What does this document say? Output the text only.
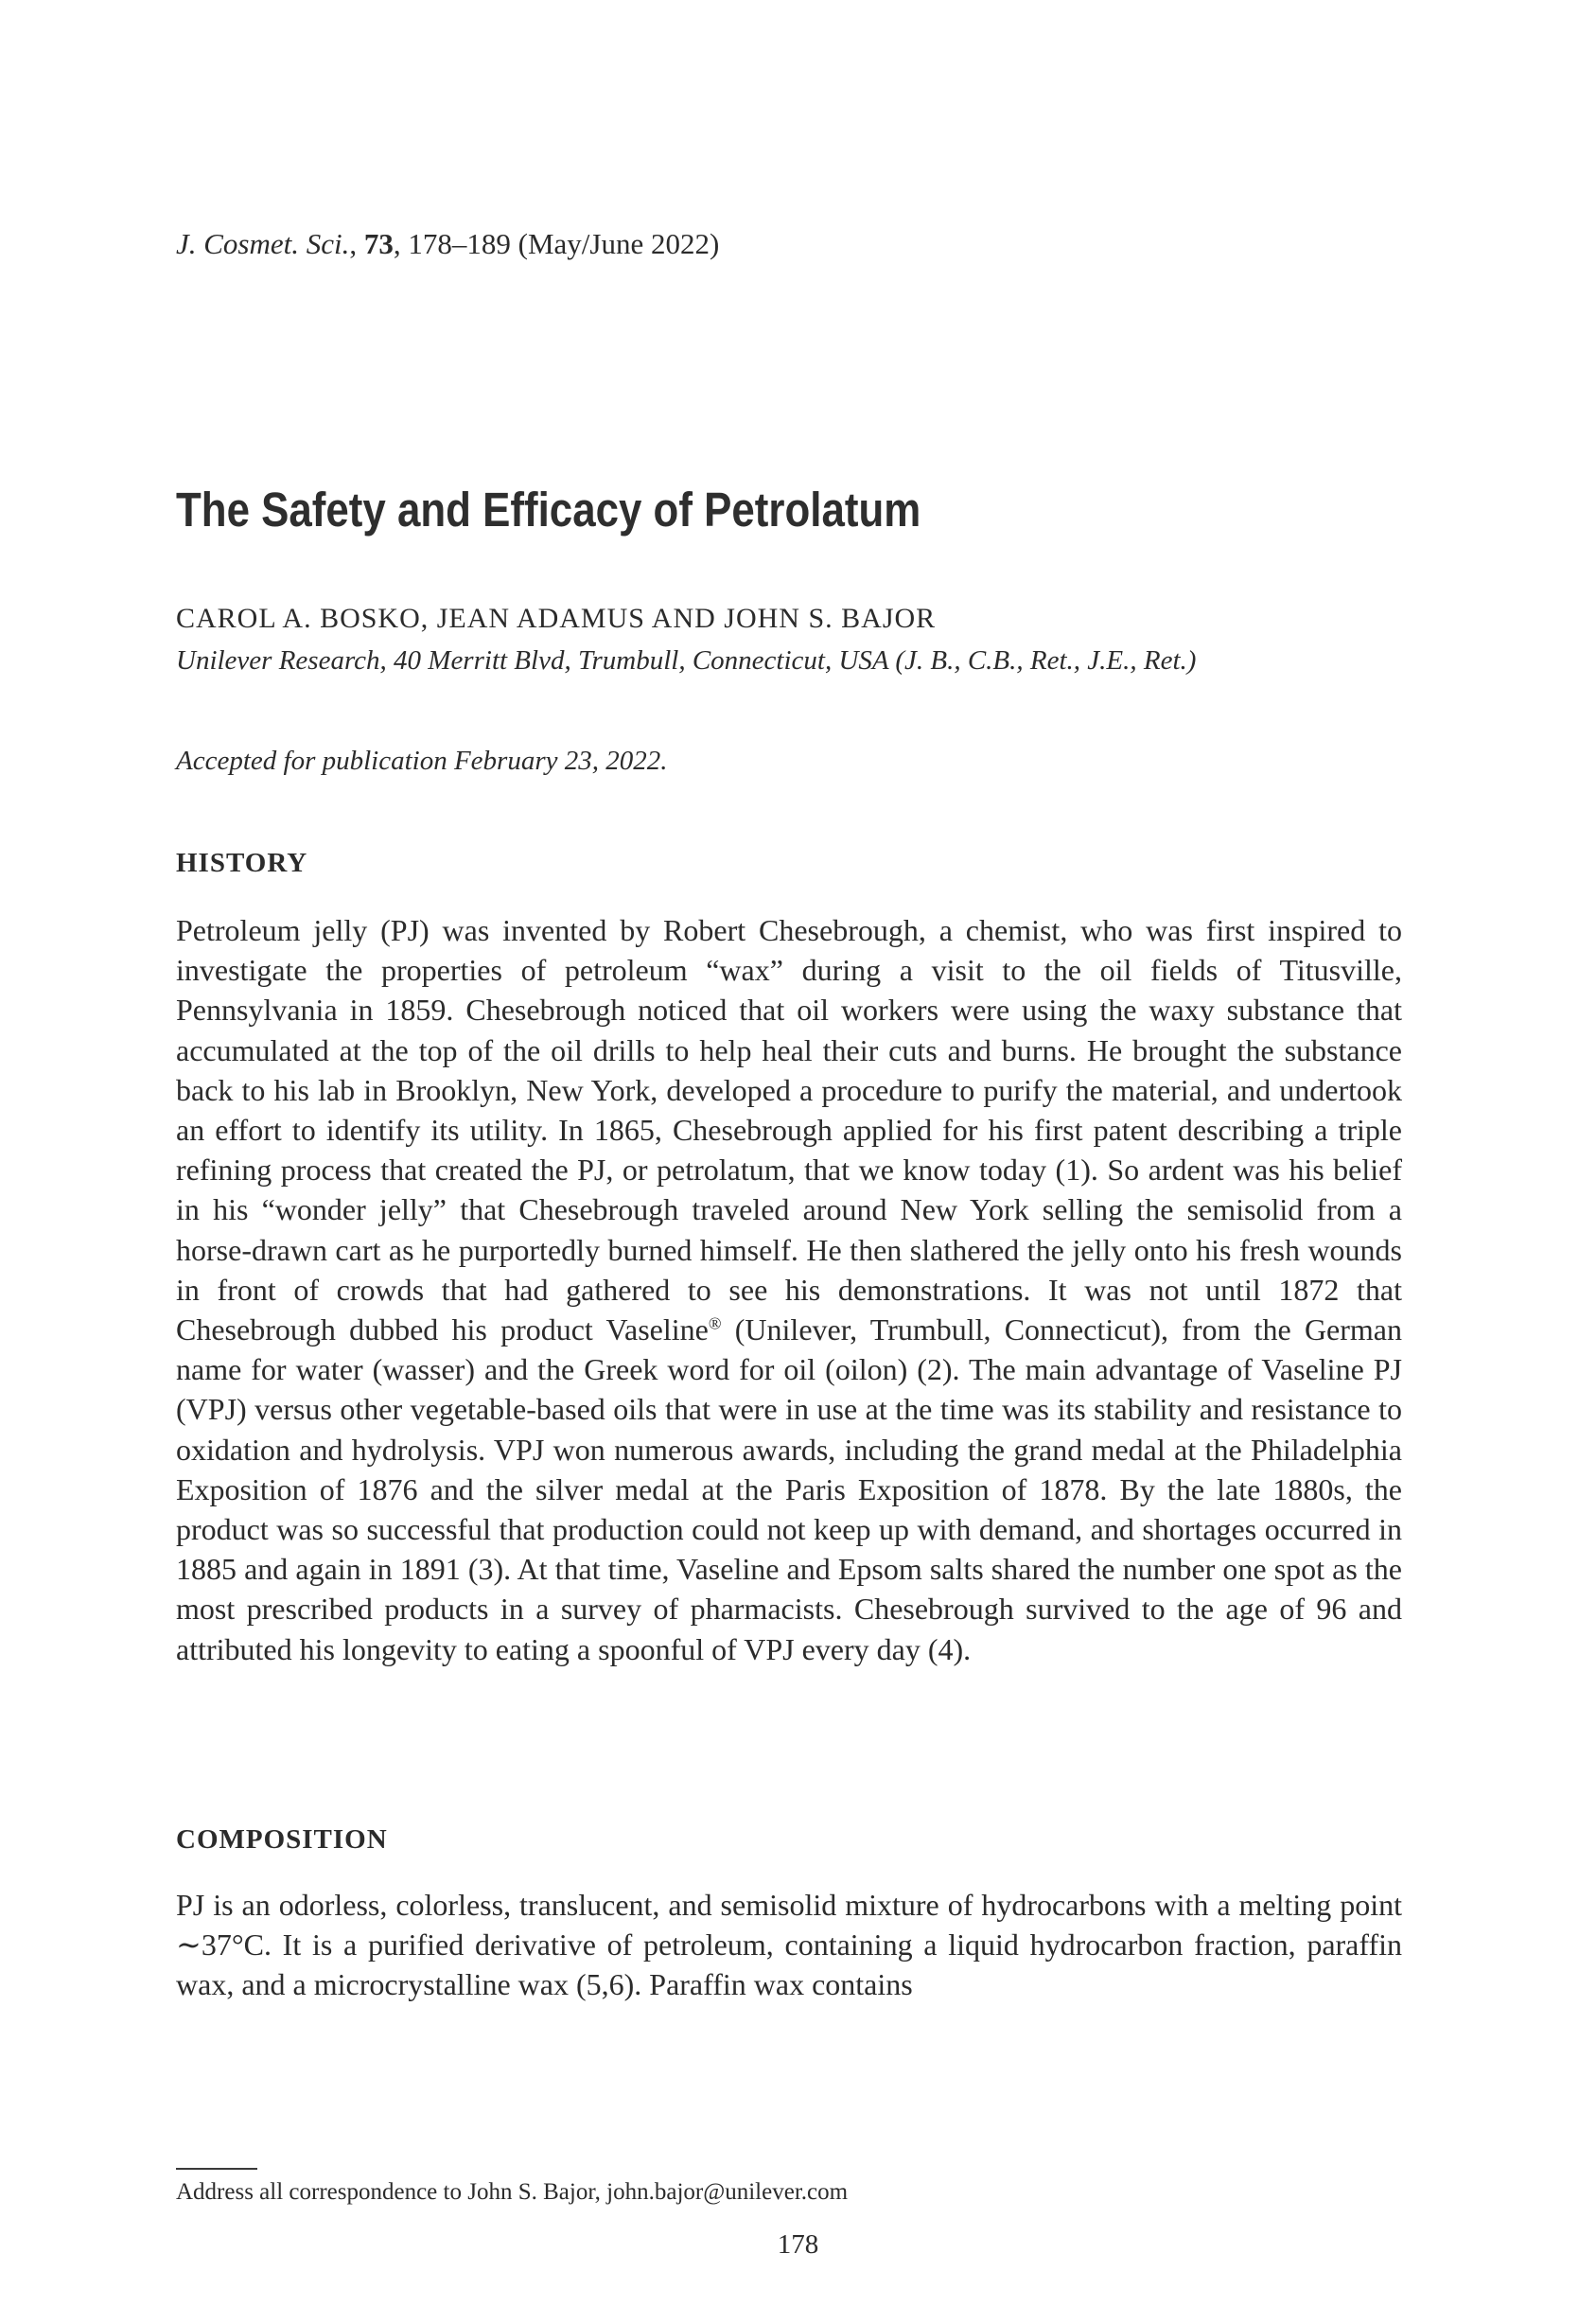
J. Cosmet. Sci., 73, 178–189 (May/June 2022)
The Safety and Efficacy of Petrolatum
CAROL A. BOSKO, JEAN ADAMUS AND JOHN S. BAJOR
Unilever Research, 40 Merritt Blvd, Trumbull, Connecticut, USA (J. B., C.B., Ret., J.E., Ret.)
Accepted for publication February 23, 2022.
HISTORY

Petroleum jelly (PJ) was invented by Robert Chesebrough, a chemist, who was first inspired to investigate the properties of petroleum “wax” during a visit to the oil fields of Titusville, Pennsylvania in 1859. Chesebrough noticed that oil workers were using the waxy substance that accumulated at the top of the oil drills to help heal their cuts and burns. He brought the substance back to his lab in Brooklyn, New York, developed a procedure to purify the material, and undertook an effort to identify its utility. In 1865, Chesebrough applied for his first patent describing a triple refining process that created the PJ, or petrolatum, that we know today (1). So ardent was his belief in his “wonder jelly” that Chesebrough traveled around New York selling the semisolid from a horse-drawn cart as he purportedly burned himself. He then slathered the jelly onto his fresh wounds in front of crowds that had gathered to see his demonstrations. It was not until 1872 that Chesebrough dubbed his product Vaseline® (Unilever, Trumbull, Connecticut), from the German name for water (wasser) and the Greek word for oil (oilon) (2). The main advantage of Vaseline PJ (VPJ) versus other vegetable-based oils that were in use at the time was its stability and resistance to oxidation and hydrolysis. VPJ won numerous awards, including the grand medal at the Philadelphia Exposition of 1876 and the silver medal at the Paris Exposition of 1878. By the late 1880s, the product was so successful that production could not keep up with demand, and shortages occurred in 1885 and again in 1891 (3). At that time, Vaseline and Epsom salts shared the number one spot as the most prescribed products in a survey of pharmacists. Chesebrough survived to the age of 96 and attributed his longevity to eating a spoonful of VPJ every day (4).

COMPOSITION

PJ is an odorless, colorless, translucent, and semisolid mixture of hydrocarbons with a melting point ∼37°C. It is a purified derivative of petroleum, containing a liquid hydrocarbon fraction, paraffin wax, and a microcrystalline wax (5,6). Paraffin wax contains

Address all correspondence to John S. Bajor, john.bajor@unilever.com
178
